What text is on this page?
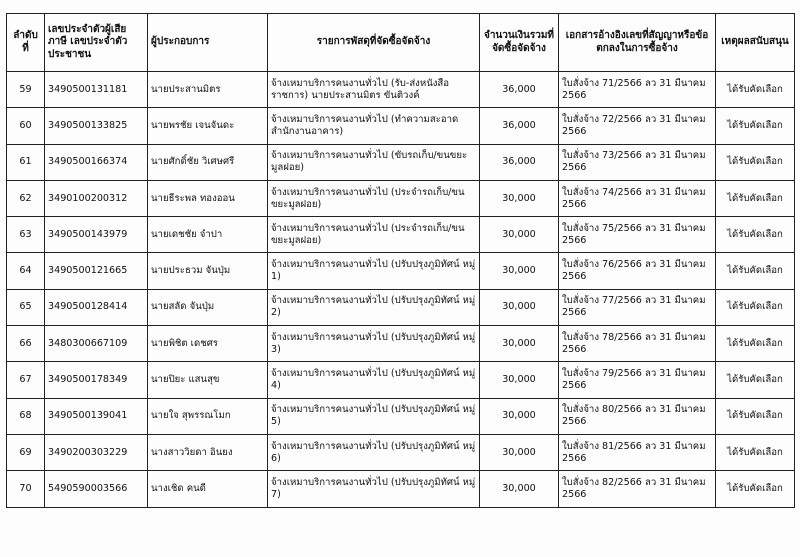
ลำดับที่	เลขประจำตัวผู้เสียภาษี เลขประจำตัวประชาชน	ผู้ประกอบการ	รายการพัสดุที่จัดซื้อจัดจ้าง	จำนวนเงินรวมที่จัดซื้อจัดจ้าง	เอกสารอ้างอิงเลขที่สัญญาหรือข้อตกลงในการซื้อจ้าง	เหตุผลสนับสนุน
59	3490500131181	นายประสานมิตร	จ้างเหมาบริการคนงานทั่วไป (รับ-ส่งหนังสือราชการ) นายประสานมิตร ขันติวงค์	36,000	ใบสั่งจ้าง 71/2566 ลว 31 มีนาคม 2566	ได้รับคัดเลือก
60	3490500133825	นายพรชัย เจนจันดะ	จ้างเหมาบริการคนงานทั่วไป (ทำความสะอาดสำนักงานอาคาร)	36,000	ใบสั่งจ้าง 72/2566 ลว 31 มีนาคม 2566	ได้รับคัดเลือก
61	3490500166374	นายศักดิ์ชัย วิเศษศรี	จ้างเหมาบริการคนงานทั่วไป (ขับรถเก็บ/ขนขยะมูลฝอย)	36,000	ใบสั่งจ้าง 73/2566 ลว 31 มีนาคม 2566	ได้รับคัดเลือก
62	3490100200312	นายธีระพล ทองออน	จ้างเหมาบริการคนงานทั่วไป (ประจำรถเก็บ/ขนขยะมูลฝอย)	30,000	ใบสั่งจ้าง 74/2566 ลว 31 มีนาคม 2566	ได้รับคัดเลือก
63	3490500143979	นายเดชชัย จำปา	จ้างเหมาบริการคนงานทั่วไป (ประจำรถเก็บ/ขนขยะมูลฝอย)	30,000	ใบสั่งจ้าง 75/2566 ลว 31 มีนาคม 2566	ได้รับคัดเลือก
64	3490500121665	นายประธวม จันปุ่ม	จ้างเหมาบริการคนงานทั่วไป (ปรับปรุงภูมิทัศน์ หมู่ 1)	30,000	ใบสั่งจ้าง 76/2566 ลว 31 มีนาคม 2566	ได้รับคัดเลือก
65	3490500128414	นายสลัด จันปุ่ม	จ้างเหมาบริการคนงานทั่วไป (ปรับปรุงภูมิทัศน์ หมู่ 2)	30,000	ใบสั่งจ้าง 77/2566 ลว 31 มีนาคม 2566	ได้รับคัดเลือก
66	3480300667109	นายพิชิต เดชศร	จ้างเหมาบริการคนงานทั่วไป (ปรับปรุงภูมิทัศน์ หมู่ 3)	30,000	ใบสั่งจ้าง 78/2566 ลว 31 มีนาคม 2566	ได้รับคัดเลือก
67	3490500178349	นายปิยะ แสนสุข	จ้างเหมาบริการคนงานทั่วไป (ปรับปรุงภูมิทัศน์ หมู่ 4)	30,000	ใบสั่งจ้าง 79/2566 ลว 31 มีนาคม 2566	ได้รับคัดเลือก
68	3490500139041	นายใจ สุพรรณโมก	จ้างเหมาบริการคนงานทั่วไป (ปรับปรุงภูมิทัศน์ หมู่ 5)	30,000	ใบสั่งจ้าง 80/2566 ลว 31 มีนาคม 2566	ได้รับคัดเลือก
69	3490200303229	นางสาววิยดา อินยง	จ้างเหมาบริการคนงานทั่วไป (ปรับปรุงภูมิทัศน์ หมู่ 6)	30,000	ใบสั่งจ้าง 81/2566 ลว 31 มีนาคม 2566	ได้รับคัดเลือก
70	5490590003566	นางเชิด คนดี	จ้างเหมาบริการคนงานทั่วไป (ปรับปรุงภูมิทัศน์ หมู่ 7)	30,000	ใบสั่งจ้าง 82/2566 ลว 31 มีนาคม 2566	ได้รับคัดเลือก
